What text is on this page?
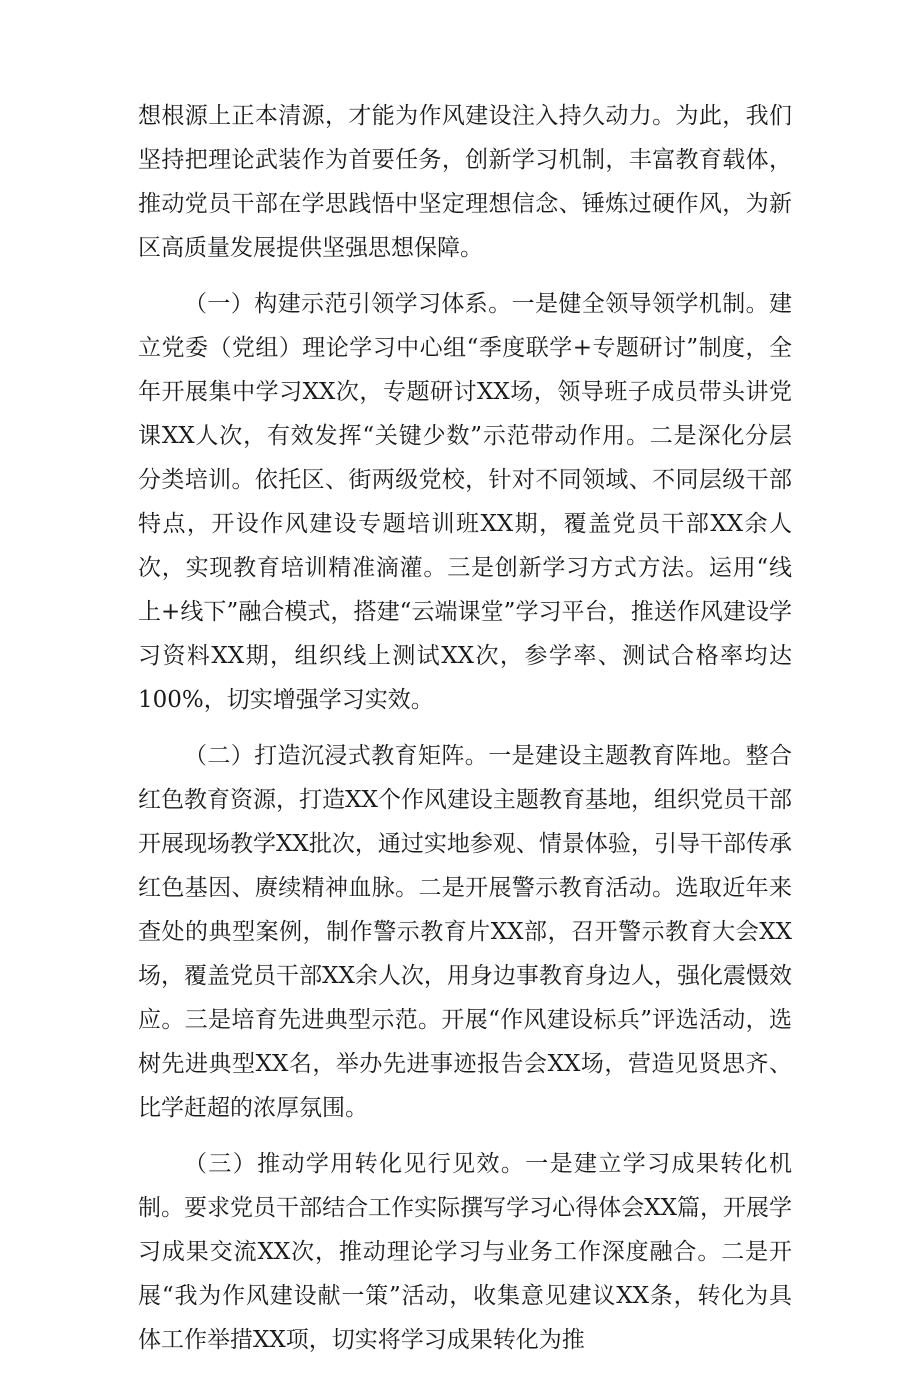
想根源上正本清源，才能为作风建设注入持久动力。为此，我们坚持把理论武装作为首要任务，创新学习机制，丰富教育载体，推动党员干部在学思践悟中坚定理想信念、锤炼过硬作风，为新区高质量发展提供坚强思想保障。

（一）构建示范引领学习体系。一是健全领导领学机制。建立党委（党组）理论学习中心组“季度联学+专题研讨”制度，全年开展集中学习XX次，专题研讨XX场，领导班子成员带头讲党课XX人次，有效发挥“关键少数”示范带动作用。二是深化分层分类培训。依托区、街两级党校，针对不同领域、不同层级干部特点，开设作风建设专题培训班XX期，覆盖党员干部XX余人次，实现教育培训精准滴灌。三是创新学习方式方法。运用“线上+线下”融合模式，搭建“云端课堂”学习平台，推送作风建设学习资料XX期，组织线上测试XX次，参学率、测试合格率均达100%，切实增强学习实效。

（二）打造沉浸式教育矩阵。一是建设主题教育阵地。整合红色教育资源，打造XX个作风建设主题教育基地，组织党员干部开展现场教学XX批次，通过实地参观、情景体验，引导干部传承红色基因、赓续精神血脉。二是开展警示教育活动。选取近年来查处的典型案例，制作警示教育片XX部，召开警示教育大会XX场，覆盖党员干部XX余人次，用身边事教育身边人，强化震慑效应。三是培育先进典型示范。开展“作风建设标兵”评选活动，选树先进典型XX名，举办先进事迹报告会XX场，营造见贤思齐、比学赶超的浓厚氛围。

（三）推动学用转化见行见效。一是建立学习成果转化机制。要求党员干部结合工作实际撰写学习心得体会XX篇，开展学习成果交流XX次，推动理论学习与业务工作深度融合。二是开展“我为作风建设献一策”活动，收集意见建议XX条，转化为具体工作举措XX项，切实将学习成果转化为推
